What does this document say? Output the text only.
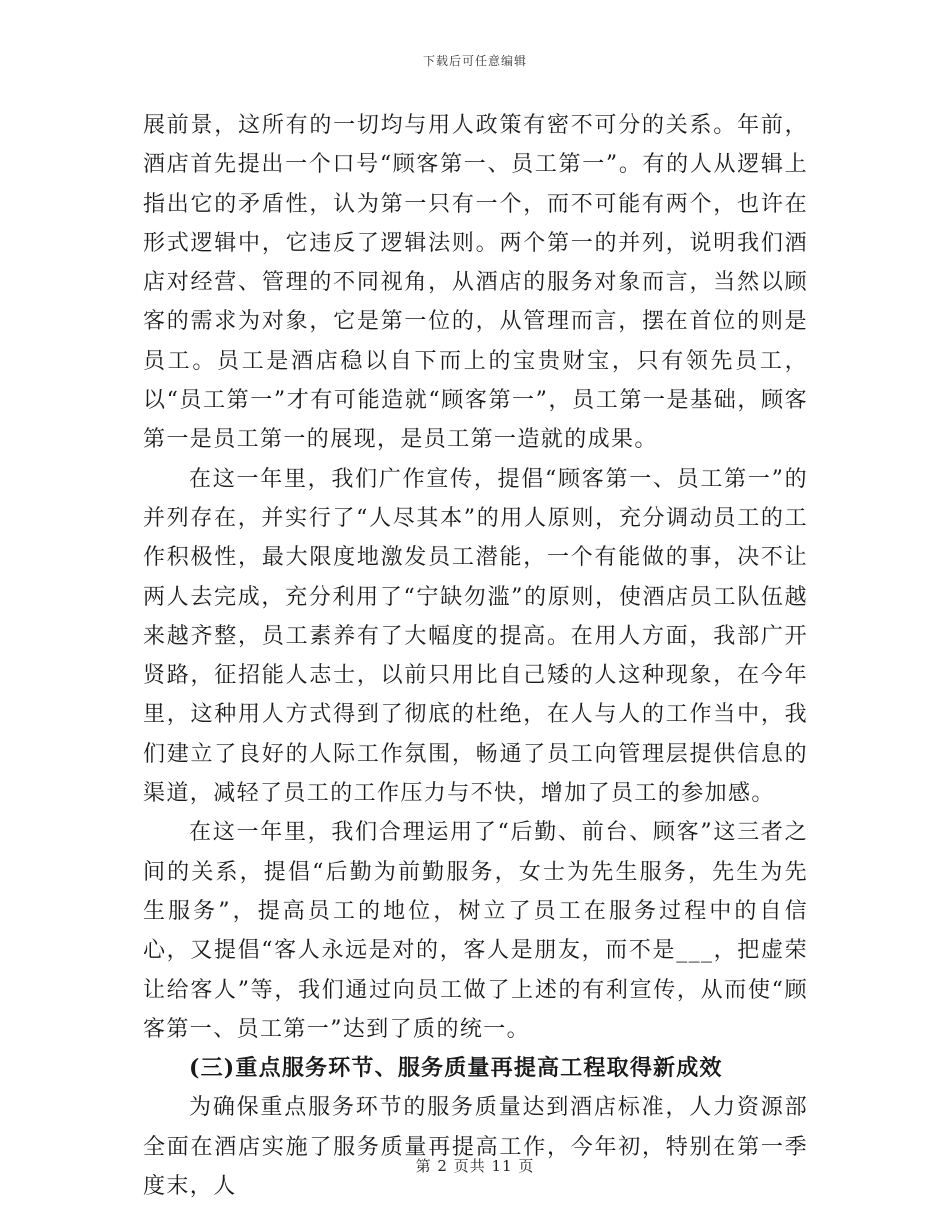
下载后可任意编辑

展前景，这所有的一切均与用人政策有密不可分的关系。年前，酒店首先提出一个口号“顾客第一、员工第一”。有的人从逻辑上指出它的矛盾性，认为第一只有一个，而不可能有两个，也许在形式逻辑中，它违反了逻辑法则。两个第一的并列，说明我们酒店对经营、管理的不同视角，从酒店的服务对象而言，当然以顾客的需求为对象，它是第一位的，从管理而言，摆在首位的则是员工。员工是酒店稳以自下而上的宝贵财宝，只有领先员工，以“员工第一”才有可能造就“顾客第一”，员工第一是基础，顾客第一是员工第一的展现，是员工第一造就的成果。

在这一年里，我们广作宣传，提倡“顾客第一、员工第一”的并列存在，并实行了“人尽其本”的用人原则，充分调动员工的工作积极性，最大限度地激发员工潜能，一个有能做的事，决不让两人去完成，充分利用了“宁缺勿滥”的原则，使酒店员工队伍越来越齐整，员工素养有了大幅度的提高。在用人方面，我部广开贤路，征招能人志士，以前只用比自己矮的人这种现象，在今年里，这种用人方式得到了彻底的杜绝，在人与人的工作当中，我们建立了良好的人际工作氛围，畅通了员工向管理层提供信息的渠道，减轻了员工的工作压力与不快，增加了员工的参加感。

在这一年里，我们合理运用了“后勤、前台、顾客”这三者之间的关系，提倡“后勤为前勤服务，女士为先生服务，先生为先生服务”，提高员工的地位，树立了员工在服务过程中的自信心，又提倡“客人永远是对的，客人是朋友，而不是___，把虚荣让给客人”等，我们通过向员工做了上述的有利宣传，从而使“顾客第一、员工第一”达到了质的统一。

(三)重点服务环节、服务质量再提高工程取得新成效

为确保重点服务环节的服务质量达到酒店标准，人力资源部全面在酒店实施了服务质量再提高工作，今年初，特别在第一季度末，人

第 2 页共 11 页
